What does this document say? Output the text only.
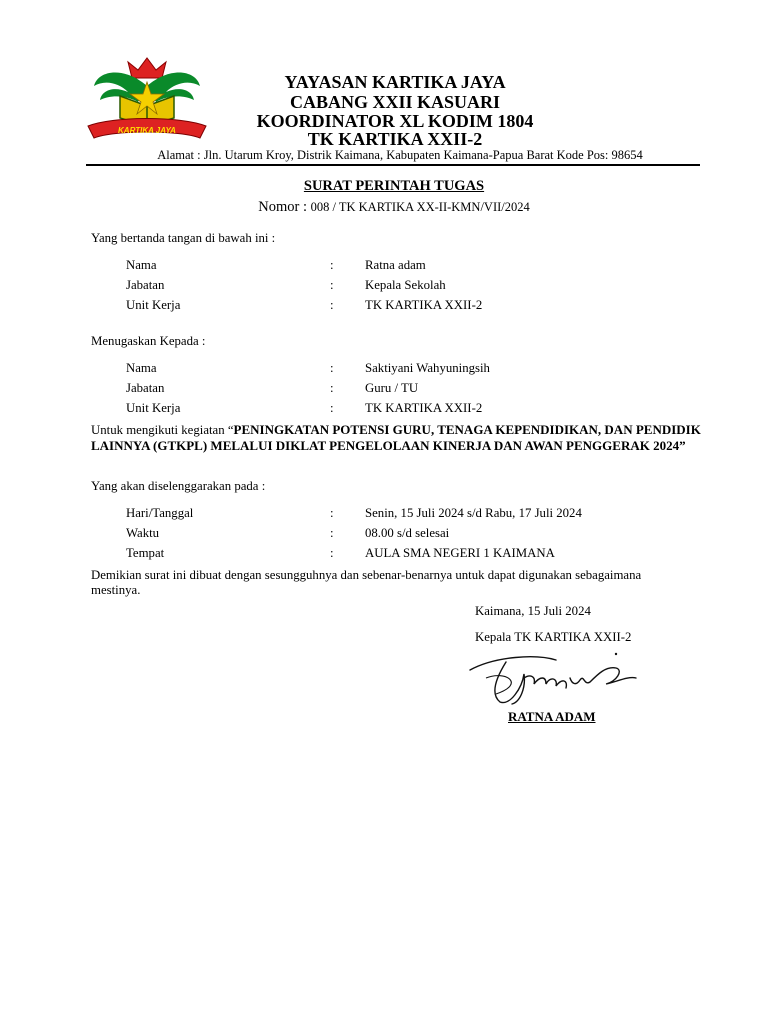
KARTIKA JAYA
YAYASAN KARTIKA JAYA
CABANG XXII KASUARI
KOORDINATOR XL KODIM 1804
TK KARTIKA XXII-2
Alamat : Jln. Utarum Kroy, Distrik Kaimana, Kabupaten Kaimana-Papua Barat Kode Pos: 98654
SURAT PERINTAH TUGAS
Nomor : 008 / TK KARTIKA XX-II-KMN/VII/2024
Yang bertanda tangan di bawah ini :
Nama	: Ratna adam
Jabatan	: Kepala Sekolah
Unit Kerja	: TK KARTIKA XXII-2
Menugaskan Kepada :
Nama	: Saktiyani Wahyuningsih
Jabatan	: Guru / TU
Unit Kerja	: TK KARTIKA XXII-2
Untuk mengikuti kegiatan “PENINGKATAN POTENSI GURU, TENAGA KEPENDIDIKAN, DAN PENDIDIK LAINNYA (GTKPL) MELALUI DIKLAT PENGELOLAAN KINERJA DAN AWAN PENGGERAK 2024”
Yang akan diselenggarakan pada :
Hari/Tanggal	: Senin, 15 Juli 2024 s/d Rabu, 17 Juli 2024
Waktu	: 08.00 s/d selesai
Tempat	: AULA SMA NEGERI 1 KAIMANA
Demikian surat ini dibuat dengan sesungguhnya dan sebenar-benarnya untuk dapat digunakan sebagaimana mestinya.
Kaimana, 15 Juli 2024
Kepala TK KARTIKA XXII-2
RATNA ADAM
